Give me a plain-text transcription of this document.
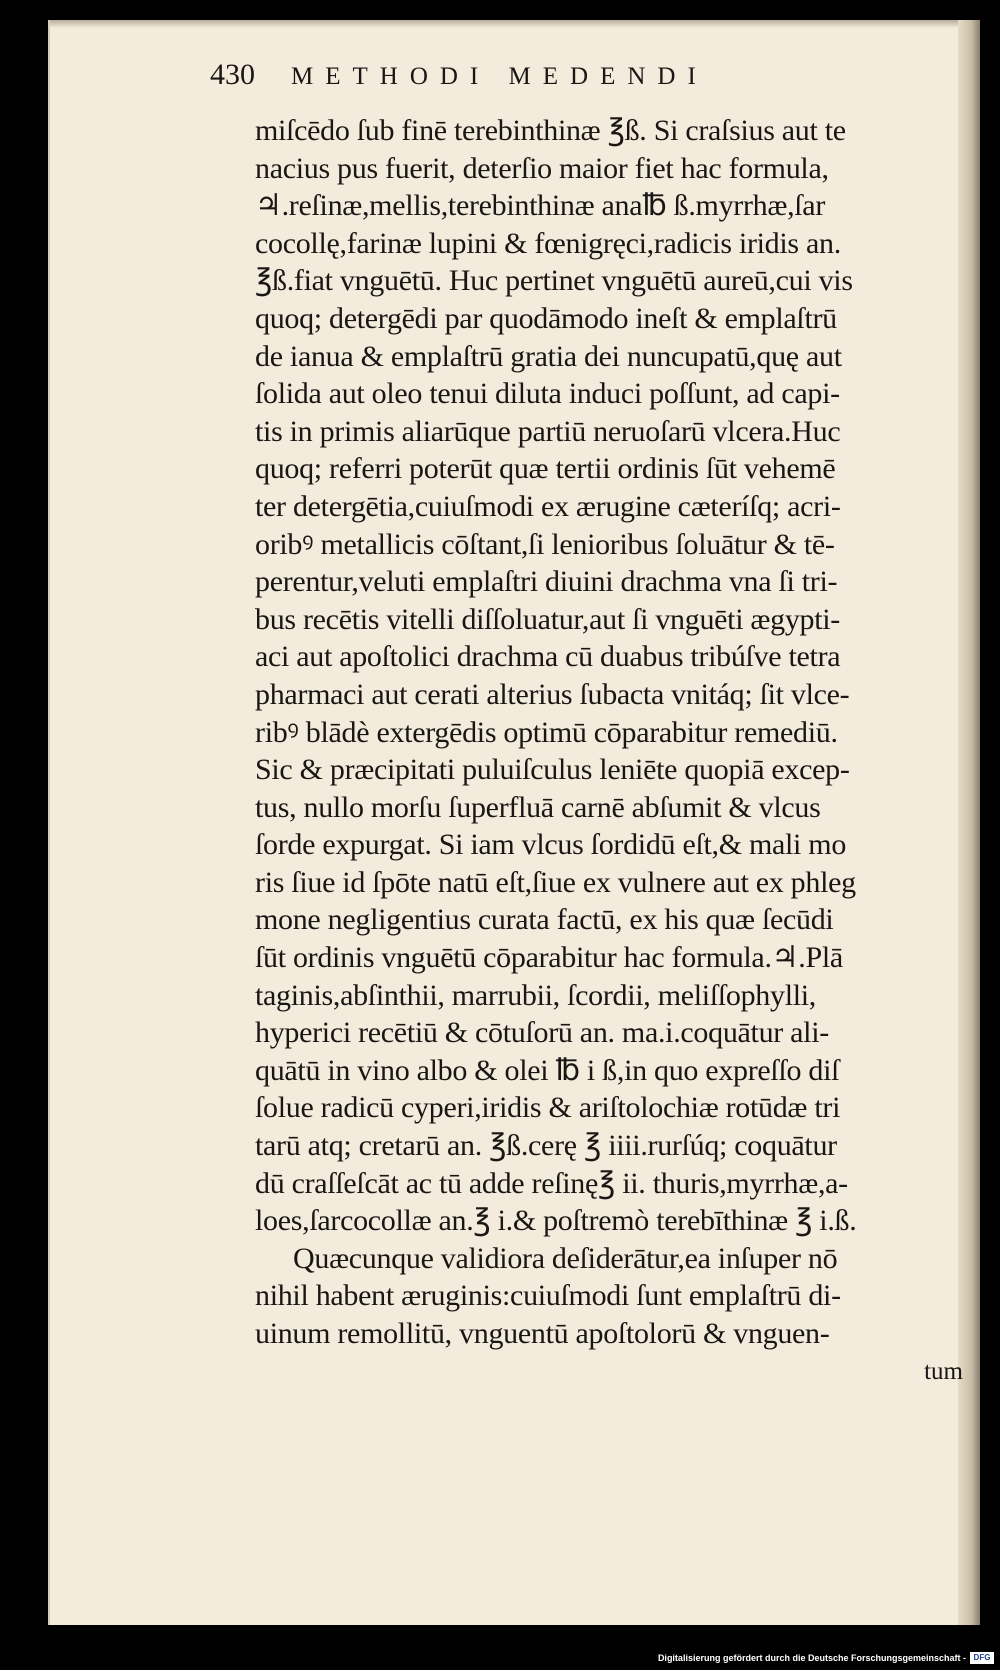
430 METHODI MEDENDI
miſcēdo ſub finē terebinthinæ ℥ß. Si craſsius aut te
nacius pus fuerit, deterſio maior fiet hac formula,
♃.reſinæ,mellis,terebinthinæ ana℔ ß.myrrhæ,ſar
cocollę,farinæ lupini & fœnigręci,radicis iridis an.
℥ß.fiat vnguētū. Huc pertinet vnguētū aureū,cui vis
quoq; detergēdi par quodāmodo ineſt & emplaſtrū
de ianua & emplaſtrū gratia dei nuncupatū,quę aut
ſolida aut oleo tenui diluta induci poſſunt, ad capi-
tis in primis aliarūque partiū neruoſarū vlcera.Huc
quoq; referri poterūt quæ tertii ordinis ſūt vehemē
ter detergētia,cuiuſmodi ex ærugine cæteríſq; acri-
oribꝰ metallicis cōſtant,ſi lenioribus ſoluātur & tē-
perentur,veluti emplaſtri diuini drachma vna ſi tri-
bus recētis vitelli diſſoluatur,aut ſi vnguēti ægypti-
aci aut apoſtolici drachma cū duabus tribúſve tetra
pharmaci aut cerati alterius ſubacta vnitáq; ſit vlce-
ribꝰ blādè extergēdis optimū cōparabitur remediū.
Sic & præcipitati puluiſculus leniēte quopiā excep-
tus, nullo morſu ſuperfluā carnē abſumit & vlcus
ſorde expurgat. Si iam vlcus ſordidū eſt,& mali mo
ris ſiue id ſpōte natū eſt,ſiue ex vulnere aut ex phleg
mone negligentius curata factū, ex his quæ ſecūdi
ſūt ordinis vnguētū cōparabitur hac formula.♃.Plā
taginis,abſinthii, marrubii, ſcordii, meliſſophylli,
hyperici recētiū & cōtuſorū an. ma.i.coquātur ali-
quātū in vino albo & olei ℔ i ß,in quo expreſſo diſ
ſolue radicū cyperi,iridis & ariſtolochiæ rotūdæ tri
tarū atq; cretarū an. ℥ß.cerę ℥ iiii.rurſúq; coquātur
dū craſſeſcāt ac tū adde reſinę℥ ii. thuris,myrrhæ,a-
loes,ſarcocollæ an.℥ i.& poſtremò terebīthinæ ℥ i.ß.
Quæcunque validiora deſiderātur,ea inſuper nō
nihil habent æruginis:cuiuſmodi ſunt emplaſtrū di-
uinum remollitū, vnguentū apoſtolorū & vnguen-
tum
Digitalisierung gefördert durch die Deutsche Forschungsgemeinschaft - DFG
